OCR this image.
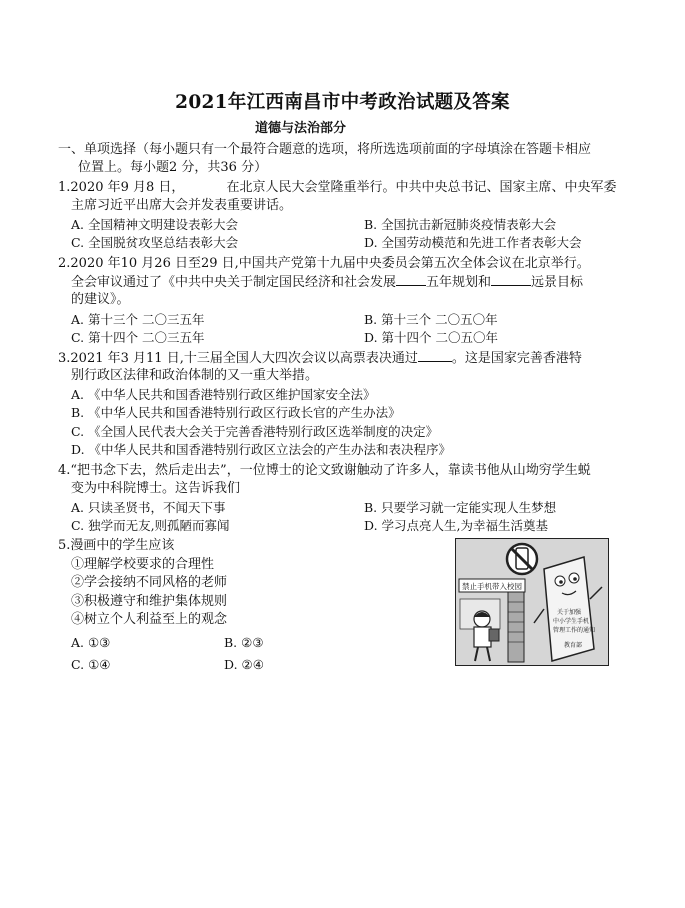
2021年江西南昌市中考政治试题及答案
道德与法治部分
一、单项选择（每小题只有一个最符合题意的选项，将所选选项前面的字母填涂在答题卡相应
位置上。每小题2 分，共36 分）
1.2020 年9 月8 日，	在北京人民大会堂隆重举行。中共中央总书记、国家主席、中央军委
主席习近平出席大会并发表重要讲话。
A. 全国精神文明建设表彰大会	B. 全国抗击新冠肺炎疫情表彰大会
C. 全国脱贫攻坚总结表彰大会	D. 全国劳动模范和先进工作者表彰大会
2.2020 年10 月26 日至29 日,中国共产党第十九届中央委员会第五次全体会议在北京举行。
全会审议通过了《中共中央关于制定国民经济和社会发展 五年规划和	远景目标
的建议》。
A. 第十三个 二〇三五年	B. 第十三个 二〇五〇年
C. 第十四个 二〇三五年	D. 第十四个 二〇五〇年
3.2021 年3 月11 日,十三届全国人大四次会议以高票表决通过	。这是国家完善香港特
别行政区法律和政治体制的又一重大举措。
A. 《中华人民共和国香港特别行政区维护国家安全法》
B. 《中华人民共和国香港特别行政区行政长官的产生办法》
C. 《全国人民代表大会关于完善香港特别行政区选举制度的决定》
D. 《中华人民共和国香港特别行政区立法会的产生办法和表决程序》
4.“把书念下去，然后走出去”，一位博士的论文致谢触动了许多人，靠读书他从山坳穷学生蜕
变为中科院博士。这告诉我们
A. 只读圣贤书，不闻天下事	B. 只要学习就一定能实现人生梦想
C. 独学而无友,则孤陋而寡闻	D. 学习点亮人生,为幸福生活奠基
5.漫画中的学生应该
①理解学校要求的合理性
②学会接纳不同风格的老师
③积极遵守和维护集体规则
④树立个人利益至上的观念
A. ①③	B. ②③
C. ①④	D. ②④
禁止手机带入校园
关于加强
中小学生手机
管理工作的通知
教育部
